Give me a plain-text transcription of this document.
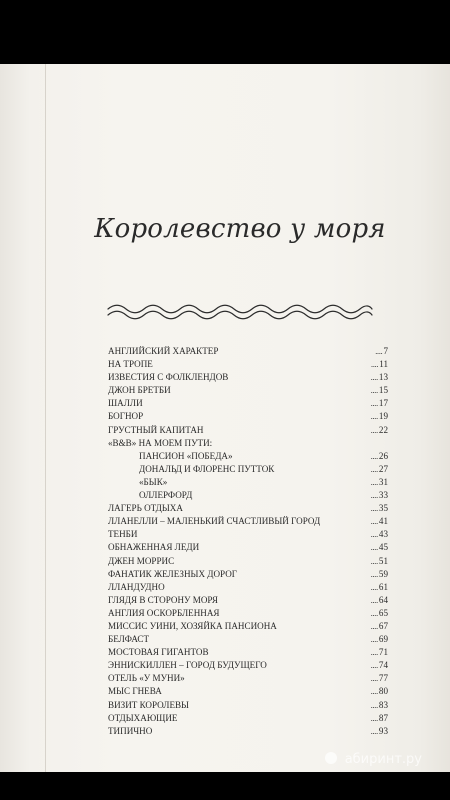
Королевство у моря
АНГЛИЙСКИЙ ХАРАКТЕР	.... 7
НА ТРОПЕ	.... 11
ИЗВЕСТИЯ С ФОЛКЛЕНДОВ	.... 13
ДЖОН БРЕТБИ	.... 15
ШАЛЛИ	.... 17
БОГНОР	.... 19
ГРУСТНЫЙ КАПИТАН	.... 22
«B&B» НА МОЕМ ПУТИ:
ПАНСИОН «ПОБЕДА»	.... 26
ДОНАЛЬД И ФЛОРЕНС ПУТТОК	.... 27
«БЫК»	.... 31
ОЛЛЕРФОРД	.... 33
ЛАГЕРЬ ОТДЫХА	.... 35
ЛЛАНЕЛЛИ – МАЛЕНЬКИЙ СЧАСТЛИВЫЙ ГОРОД	.... 41
ТЕНБИ	.... 43
ОБНАЖЕННАЯ ЛЕДИ	.... 45
ДЖЕН МОРРИС	.... 51
ФАНАТИК ЖЕЛЕЗНЫХ ДОРОГ	.... 59
ЛЛАНДУДНО	.... 61
ГЛЯДЯ В СТОРОНУ МОРЯ	.... 64
АНГЛИЯ ОСКОРБЛЕННАЯ	.... 65
МИССИС УИНИ, ХОЗЯЙКА ПАНСИОНА	.... 67
БЕЛФАСТ	.... 69
МОСТОВАЯ ГИГАНТОВ	.... 71
ЭННИСКИЛЛЕН – ГОРОД БУДУЩЕГО	.... 74
ОТЕЛЬ «У МУНИ»	.... 77
МЫС ГНЕВА	.... 80
ВИЗИТ КОРОЛЕВЫ	.... 83
ОТДЫХАЮЩИЕ	.... 87
ТИПИЧНО	.... 93
абиринт.ру
